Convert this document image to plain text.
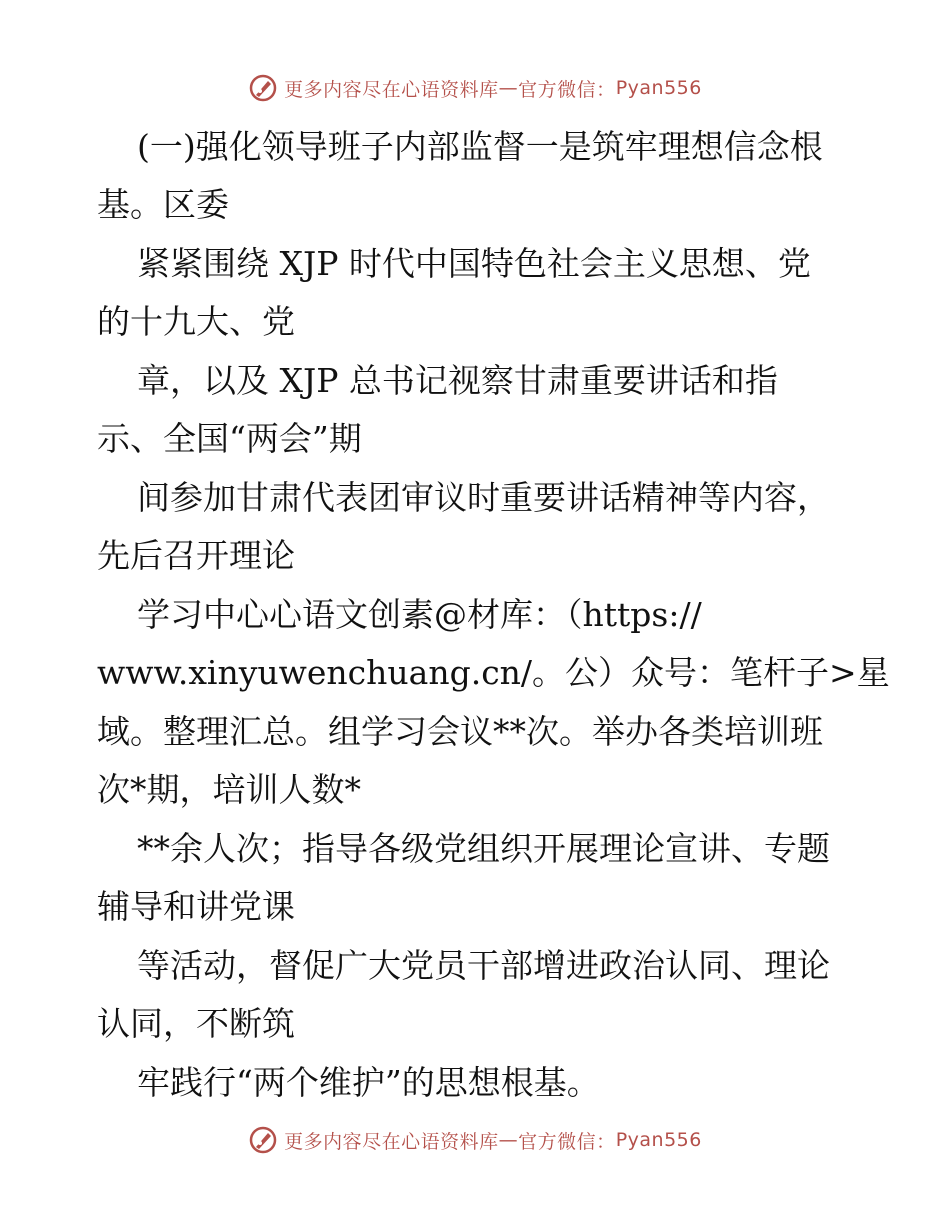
更多内容尽在心语资料库 — 官方微信： Pyan556
(一)强化领导班子内部监督一是筑牢理想信念根
基。区委
紧紧围绕 XJP 时代中国特色社会主义思想、党
的十九大、党
章，以及 XJP 总书记视察甘肃重要讲话和指
示、全国“两会”期
间参加甘肃代表团审议时重要讲话精神等内容，
先后召开理论
学习中心心语文创素@材库：（https://
www.xinyuwenchuang.cn/。公）众号：笔杆子>星
域。整理汇总。组学习会议**次。举办各类培训班
次*期，培训人数*
**余人次；指导各级党组织开展理论宣讲、专题
辅导和讲党课
等活动，督促广大党员干部增进政治认同、理论
认同，不断筑
牢践行“两个维护”的思想根基。
更多内容尽在心语资料库 — 官方微信： Pyan556
